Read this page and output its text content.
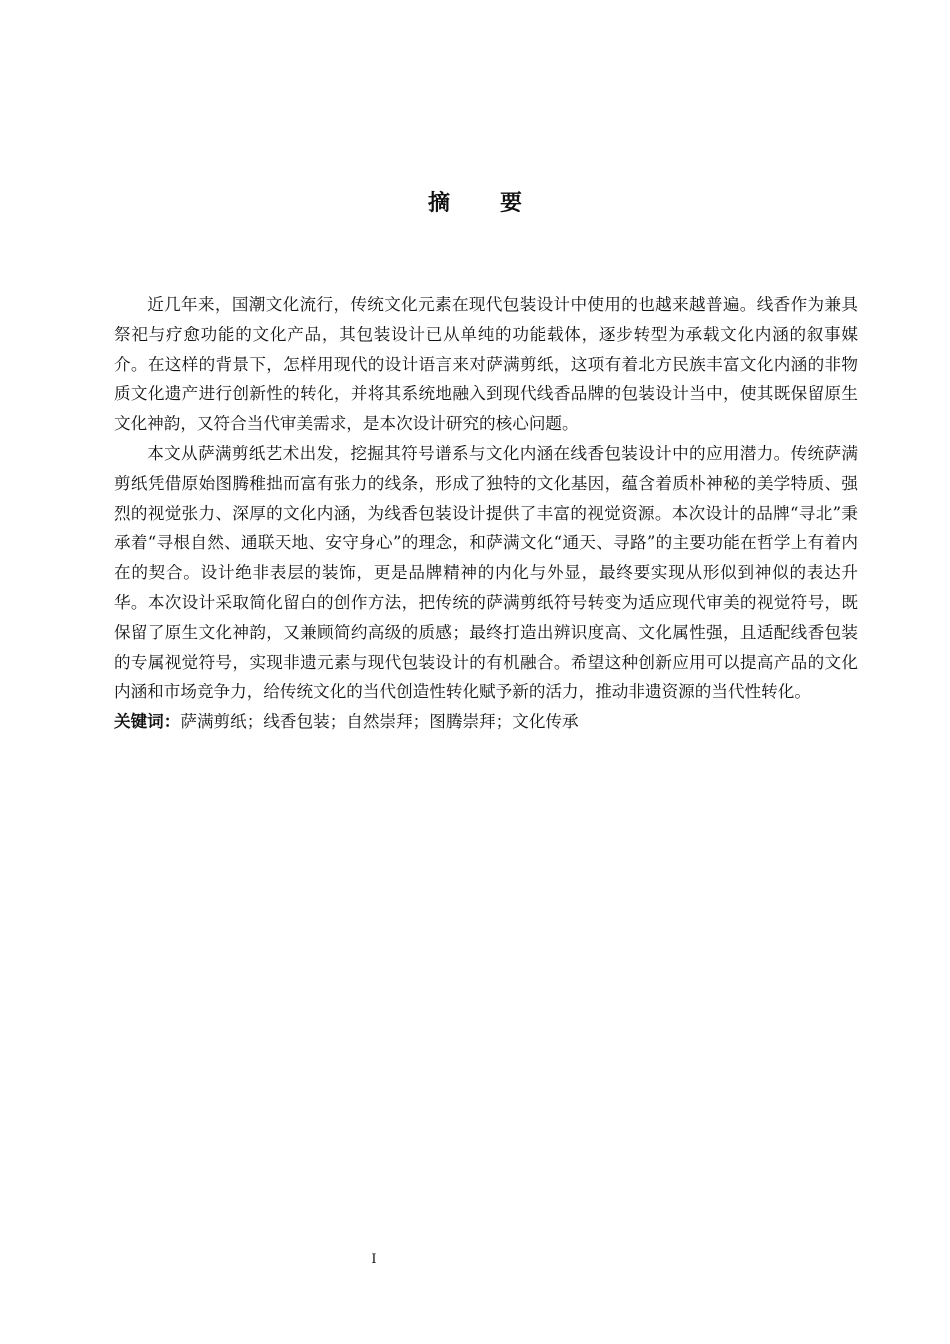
摘 要

近几年来，国潮文化流行，传统文化元素在现代包装设计中使用的也越来越普遍。线香作为兼具祭祀与疗愈功能的文化产品，其包装设计已从单纯的功能载体，逐步转型为承载文化内涵的叙事媒介。在这样的背景下，怎样用现代的设计语言来对萨满剪纸，这项有着北方民族丰富文化内涵的非物质文化遗产进行创新性的转化，并将其系统地融入到现代线香品牌的包装设计当中，使其既保留原生文化神韵，又符合当代审美需求，是本次设计研究的核心问题。

本文从萨满剪纸艺术出发，挖掘其符号谱系与文化内涵在线香包装设计中的应用潜力。传统萨满剪纸凭借原始图腾稚拙而富有张力的线条，形成了独特的文化基因，蕴含着质朴神秘的美学特质、强烈的视觉张力、深厚的文化内涵，为线香包装设计提供了丰富的视觉资源。本次设计的品牌“寻北”秉承着“寻根自然、通联天地、安守身心”的理念，和萨满文化“通天、寻路”的主要功能在哲学上有着内在的契合。设计绝非表层的装饰，更是品牌精神的内化与外显，最终要实现从形似到神似的表达升华。本次设计采取简化留白的创作方法，把传统的萨满剪纸符号转变为适应现代审美的视觉符号，既保留了原生文化神韵，又兼顾简约高级的质感；最终打造出辨识度高、文化属性强，且适配线香包装的专属视觉符号，实现非遗元素与现代包装设计的有机融合。希望这种创新应用可以提高产品的文化内涵和市场竞争力，给传统文化的当代创造性转化赋予新的活力，推动非遗资源的当代性转化。

关键词：萨满剪纸；线香包装；自然崇拜；图腾崇拜；文化传承
I
